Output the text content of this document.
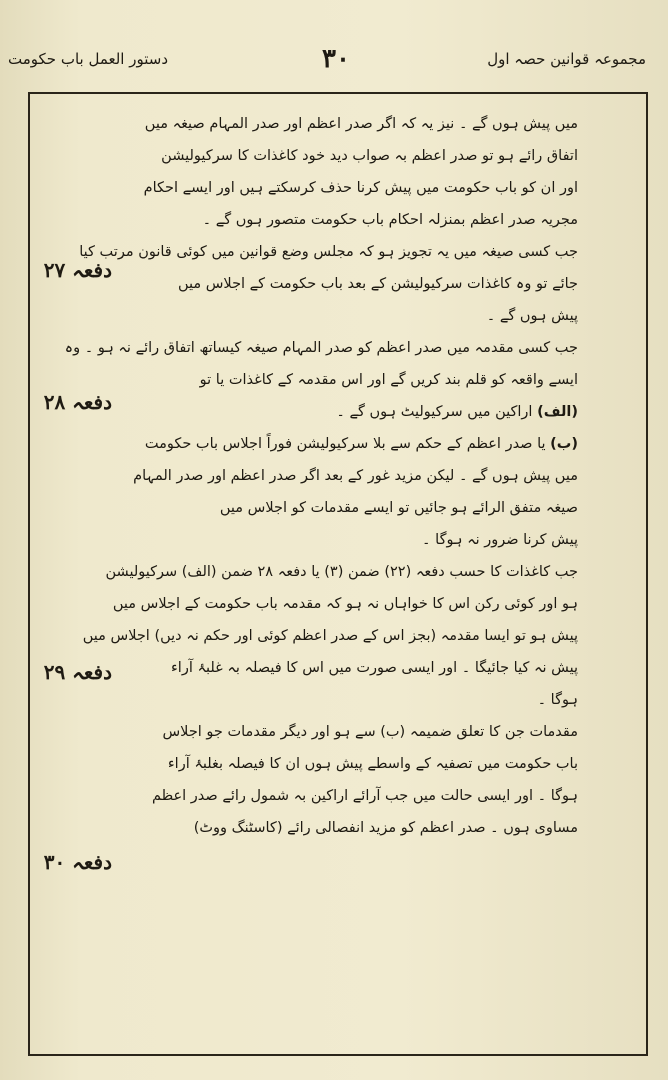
مجموعہ قوانین حصہ اول
۳۰
دستور العمل باب حکومت
دفعہ ۲۷
دفعہ ۲۸
دفعہ ۲۹
دفعہ ۳۰

میں پیش ہوں گے ۔ نیز یہ کہ اگر صدر اعظم اور صدر المہام صیغہ میں

اتفاق رائے ہو تو صدر اعظم بہ صواب دید خود کاغذات کا سرکیولیشن

اور ان کو باب حکومت میں پیش کرنا حذف کرسکتے ہیں اور ایسے احکام

مجریہ صدر اعظم بمنزلہ احکام باب حکومت متصور ہوں گے ۔

جب کسی صیغہ میں یہ تجویز ہو کہ مجلس وضع قوانین میں کوئی قانون مرتب کیا

جائے تو وہ کاغذات سرکیولیشن کے بعد باب حکومت کے اجلاس میں

پیش ہوں گے ۔

جب کسی مقدمہ میں صدر اعظم کو صدر المہام صیغہ کیساتھ اتفاق رائے نہ ہو ۔ وہ

ایسے واقعہ کو قلم بند کریں گے اور اس مقدمہ کے کاغذات یا تو

(الف) اراکین میں سرکیولیٹ ہوں گے ۔

(ب) یا صدر اعظم کے حکم سے بلا سرکیولیشن فوراً اجلاس باب حکومت

میں پیش ہوں گے ۔ لیکن مزید غور کے بعد اگر صدر اعظم اور صدر المہام

صیغہ متفق الرائے ہو جائیں تو ایسے مقدمات کو اجلاس میں

پیش کرنا ضرور نہ ہوگا ۔

جب کاغذات کا حسب دفعہ (۲۲) ضمن (۳) یا دفعہ ۲۸ ضمن (الف) سرکیولیشن

ہو اور کوئی رکن اس کا خواہاں نہ ہو کہ مقدمہ باب حکومت کے اجلاس میں

پیش ہو تو ایسا مقدمہ (بجز اس کے صدر اعظم کوئی اور حکم نہ دیں) اجلاس میں

پیش نہ کیا جائیگا ۔ اور ایسی صورت میں اس کا فیصلہ بہ غلبۂ آراء

ہوگا ۔

مقدمات جن کا تعلق ضمیمہ (ب) سے ہو اور دیگر مقدمات جو اجلاس

باب حکومت میں تصفیہ کے واسطے پیش ہوں ان کا فیصلہ بغلبۂ آراء

ہوگا ۔ اور ایسی حالت میں جب آرائے اراکین بہ شمول رائے صدر اعظم

مساوی ہوں ۔ صدر اعظم کو مزید انفصالی رائے (کاسٹنگ ووٹ)
